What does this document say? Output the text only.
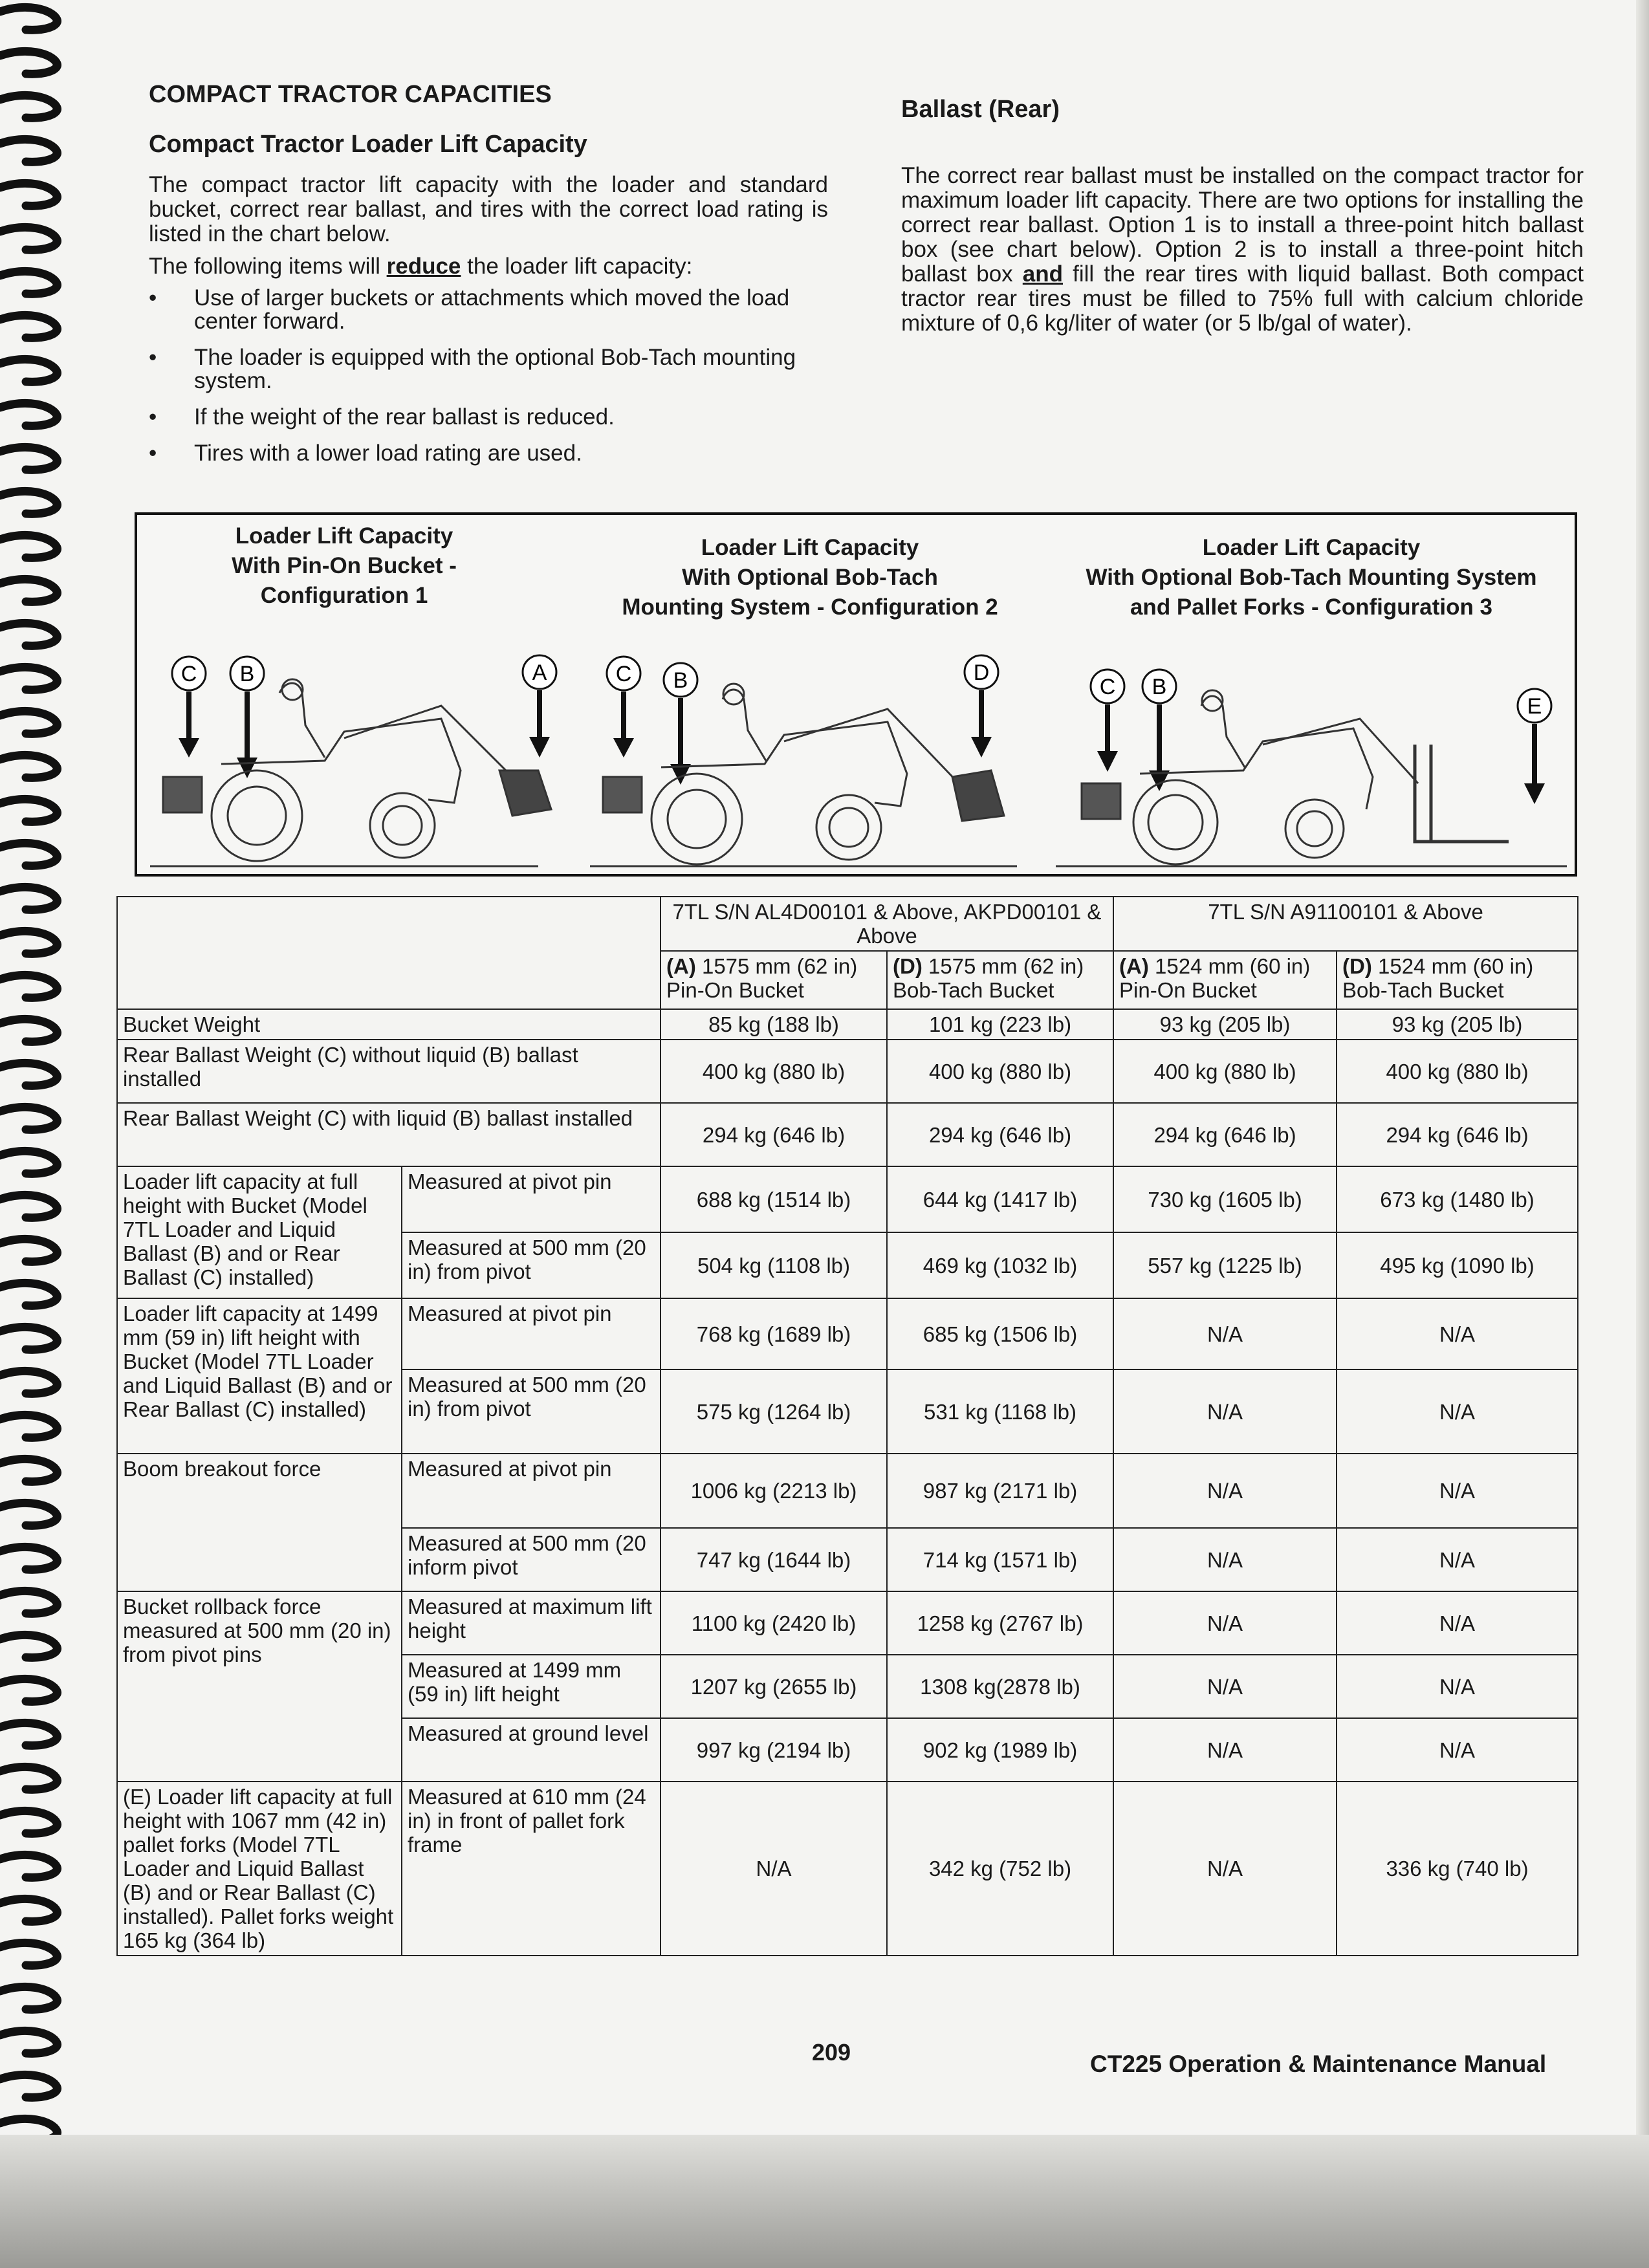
COMPACT TRACTOR CAPACITIES
Compact Tractor Loader Lift Capacity

The compact tractor lift capacity with the loader and standard bucket, correct rear ballast, and tires with the correct load rating is listed in the chart below.

The following items will reduce the loader lift capacity:

• Use of larger buckets or attachments which moved the load center forward.
• The loader is equipped with the optional Bob-Tach mounting system.
• If the weight of the rear ballast is reduced.
• Tires with a lower load rating are used.
Ballast (Rear)

The correct rear ballast must be installed on the compact tractor for maximum loader lift capacity. There are two options for installing the correct rear ballast. Option 1 is to install a three-point hitch ballast box (see chart below). Option 2 is to install a three-point hitch ballast box and fill the rear tires with liquid ballast. Both compact tractor rear tires must be filled to 75% full with calcium chloride mixture of 0,6 kg/liter of water (or 5 lb/gal of water).

Loader Lift Capacity
With Pin-On Bucket -
Configuration 1
Loader Lift Capacity
With Optional Bob-Tach
Mounting System - Configuration 2
Loader Lift Capacity
With Optional Bob-Tach Mounting System
and Pallet Forks - Configuration 3
C B	A	C B	D
C B
E
		7TL S/N AL4D00101 & Above, AKPD00101 & Above		7TL S/N A91100101 & Above	
		(A) 1575 mm (62 in) Pin-On Bucket	(D) 1575 mm (62 in) Bob-Tach Bucket	(A) 1524 mm (60 in) Pin-On Bucket	(D) 1524 mm (60 in) Bob-Tach Bucket
Bucket Weight		85 kg (188 lb)	101 kg (223 lb)	93 kg (205 lb)	93 kg (205 lb)
Rear Ballast Weight (C) without liquid (B) ballast installed		400 kg (880 lb)	400 kg (880 lb)	400 kg (880 lb)	400 kg (880 lb)
Rear Ballast Weight (C) with liquid (B) ballast installed		294 kg (646 lb)	294 kg (646 lb)	294 kg (646 lb)	294 kg (646 lb)
Loader lift capacity at full height with Bucket (Model 7TL Loader and Liquid Ballast (B) and or Rear Ballast (C) installed)	Measured at pivot pin	688 kg (1514 lb)	644 kg (1417 lb)	730 kg (1605 lb)	673 kg (1480 lb)
	Measured at 500 mm (20 in) from pivot	504 kg (1108 lb)	469 kg (1032 lb)	557 kg (1225 lb)	495 kg (1090 lb)
Loader lift capacity at 1499 mm (59 in) lift height with Bucket (Model 7TL Loader and Liquid Ballast (B) and or Rear Ballast (C) installed)	Measured at pivot pin	768 kg (1689 lb)	685 kg (1506 lb)	N/A	N/A
	Measured at 500 mm (20 in) from pivot	575 kg (1264 lb)	531 kg (1168 lb)	N/A	N/A
Boom breakout force	Measured at pivot pin	1006 kg (2213 lb)	987 kg (2171 lb)	N/A	N/A
	Measured at 500 mm (20 inform pivot	747 kg (1644 lb)	714 kg (1571 lb)	N/A	N/A
Bucket rollback force measured at 500 mm (20 in) from pivot pins	Measured at maximum lift height	1100 kg (2420 lb)	1258 kg (2767 lb)	N/A	N/A
	Measured at 1499 mm (59 in) lift height	1207 kg (2655 lb)	1308 kg(2878 lb)	N/A	N/A
	Measured at ground level	997 kg (2194 lb)	902 kg (1989 lb)	N/A	N/A
(E) Loader lift capacity at full height with 1067 mm (42 in) pallet forks (Model 7TL Loader and Liquid Ballast (B) and or Rear Ballast (C) installed). Pallet forks weight 165 kg (364 lb)	Measured at 610 mm (24 in) in front of pallet fork frame	N/A	342 kg (752 lb)	N/A	336 kg (740 lb)
209	CT225 Operation & Maintenance Manual
